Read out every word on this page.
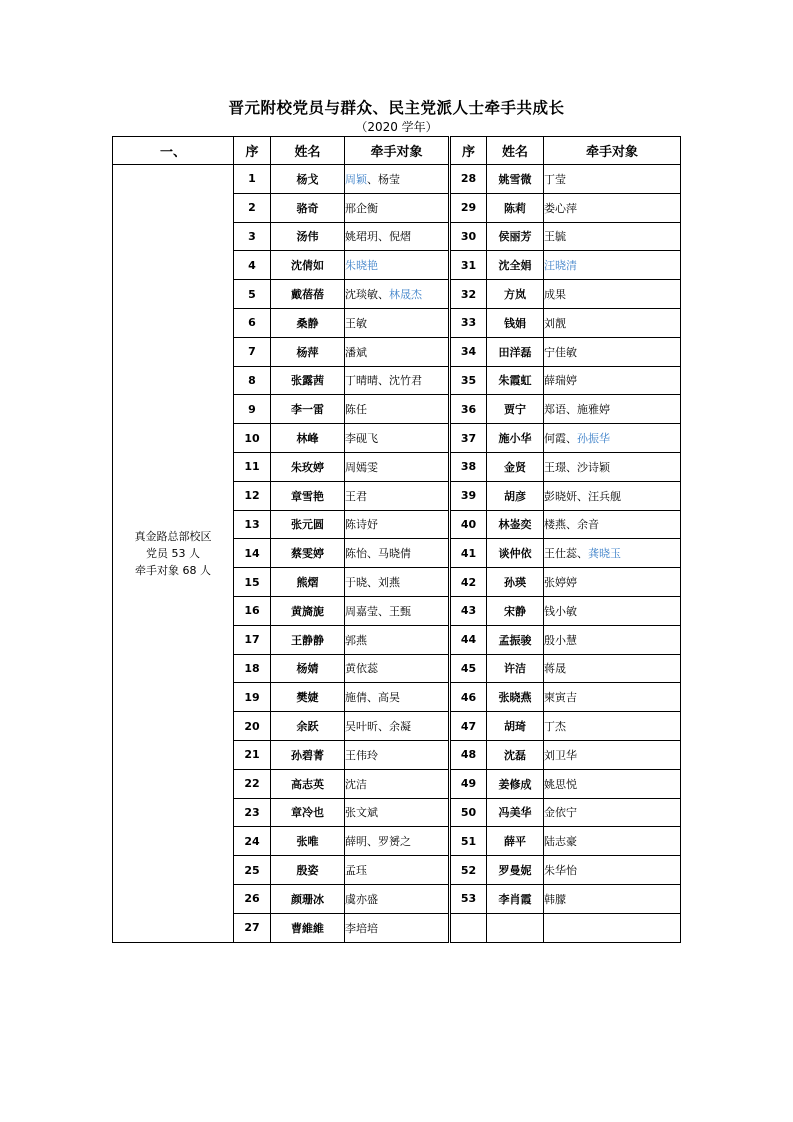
晋元附校党员与群众、民主党派人士牵手共成长
（2020 学年）
一、	序	姓名	牵手对象	序	姓名	牵手对象

真金路总部校区
党员 53 人
牵手对象 68 人	1	杨戈	周颖、杨莹	28	姚雪微	丁莹
	2	骆奇	邢企衡	29	陈莉	娄心萍
	3	汤伟	姚珺玥、倪熠	30	侯丽芳	王毓
	4	沈倩如	朱晓艳	31	沈全娟	汪晓清
	5	戴蓓蓓	沈琰敏、林晟杰	32	方岚	成果
	6	桑静	王敏	33	钱娟	刘靓
	7	杨萍	潘斌	34	田洋磊	宁佳敏
	8	张露茜	丁晴晴、沈竹君	35	朱霞虹	薛瑞婷
	9	李一雷	陈任	36	贾宁	郑语、施雅婷
	10	林峰	李砚飞	37	施小华	何霞、孙振华
	11	朱玫婷	周嫣雯	38	金贤	王璟、沙诗颖
	12	章雪艳	王君	39	胡彦	彭晓妍、汪兵舰
	13	张元圆	陈诗妤	40	林崟奕	楼燕、余音
	14	蔡雯婷	陈怡、马晓倩	41	谈仲依	王仕蕊、龚晓玉
	15	熊熠	于晓、刘燕	42	孙瑛	张婷婷
	16	黄旖旎	周嘉莹、王甄	43	宋静	钱小敏
	17	王静静	郭燕	44	孟振骏	殷小慧
	18	杨婧	黄依蕊	45	许洁	蒋晟
	19	樊婕	施倩、高昊	46	张晓燕	柬寅吉
	20	余跃	吴叶昕、余凝	47	胡琦	丁杰
	21	孙碧菁	王伟玲	48	沈磊	刘卫华
	22	高志英	沈洁	49	姜修成	姚思悦
	23	章冷也	张文斌	50	冯美华	金依宁
	24	张唯	薛明、罗赟之	51	薛平	陆志豪
	25	殷姿	孟珏	52	罗曼妮	朱华怡
	26	颜珊冰	虞亦盛	53	李肖霞	韩朦
	27	曹維維	李培培			
